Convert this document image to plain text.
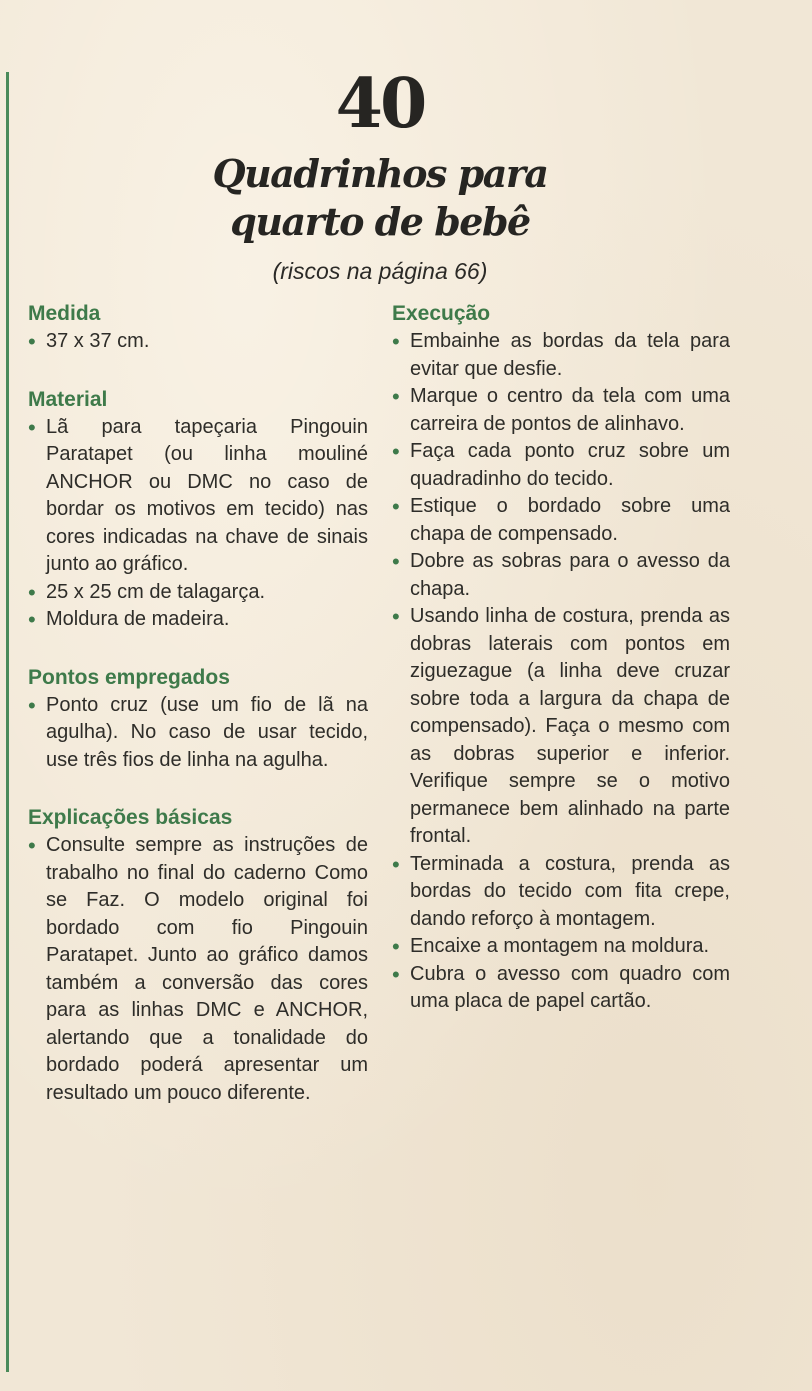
40
Quadrinhos para
quarto de bebê
(riscos na página 66)
Medida
• 37 x 37 cm.
Material
• Lã para tapeçaria Pingouin Paratapet (ou linha mouliné ANCHOR ou DMC no caso de bordar os motivos em tecido) nas cores indicadas na chave de sinais junto ao gráfico.
• 25 x 25 cm de talagarça.
• Moldura de madeira.
Pontos empregados
• Ponto cruz (use um fio de lã na agulha). No caso de usar tecido, use três fios de linha na agulha.
Explicações básicas
• Consulte sempre as instruções de trabalho no final do caderno Como se Faz. O modelo original foi bordado com fio Pingouin Paratapet. Junto ao gráfico damos também a conversão das cores para as linhas DMC e ANCHOR, alertando que a tonalidade do bordado poderá apresentar um resultado um pouco diferente.
Execução
• Embainhe as bordas da tela para evitar que desfie.
• Marque o centro da tela com uma carreira de pontos de alinhavo.
• Faça cada ponto cruz sobre um quadradinho do tecido.
• Estique o bordado sobre uma chapa de compensado.
• Dobre as sobras para o avesso da chapa.
• Usando linha de costura, prenda as dobras laterais com pontos em ziguezague (a linha deve cruzar sobre toda a largura da chapa de compensado). Faça o mesmo com as dobras superior e inferior. Verifique sempre se o motivo permanece bem alinhado na parte frontal.
• Terminada a costura, prenda as bordas do tecido com fita crepe, dando reforço à montagem.
• Encaixe a montagem na moldura.
• Cubra o avesso com quadro com uma placa de papel cartão.
